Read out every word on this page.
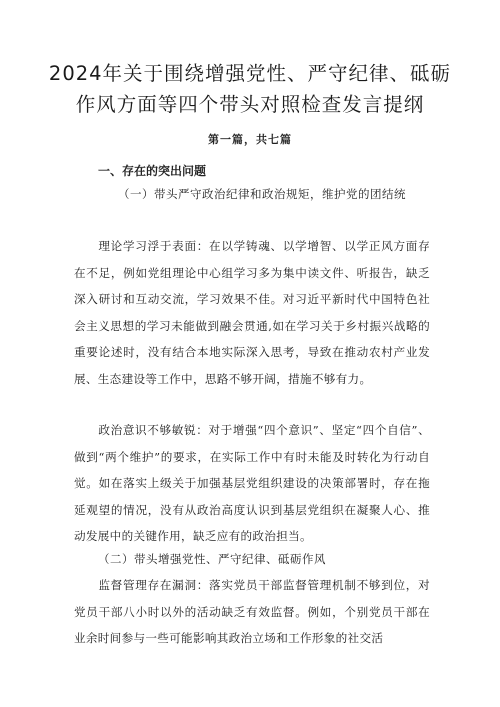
2024年关于围绕增强党性、严守纪律、砥砺
作风方面等四个带头对照检查发言提纲
第一篇，共七篇
一、存在的突出问题
（一）带头严守政治纪律和政治规矩，维护党的团结统
理论学习浮于表面：在以学铸魂、以学增智、以学正风方面存在不足，例如党组理论中心组学习多为集中读文件、听报告，缺乏深入研讨和互动交流，学习效果不佳。对习近平新时代中国特色社会主义思想的学习未能做到融会贯通,如在学习关于乡村振兴战略的重要论述时，没有结合本地实际深入思考，导致在推动农村产业发展、生态建设等工作中，思路不够开阔，措施不够有力。
政治意识不够敏锐：对于增强“四个意识”、坚定“四个自信”、做到“两个维护”的要求，在实际工作中有时未能及时转化为行动自觉。如在落实上级关于加强基层党组织建设的决策部署时，存在拖延观望的情况，没有从政治高度认识到基层党组织在凝聚人心、推动发展中的关键作用，缺乏应有的政治担当。
（二）带头增强党性、严守纪律、砥砺作风
监督管理存在漏洞：落实党员干部监督管理机制不够到位，对党员干部八小时以外的活动缺乏有效监督。例如，个别党员干部在业余时间参与一些可能影响其政治立场和工作形象的社交活
